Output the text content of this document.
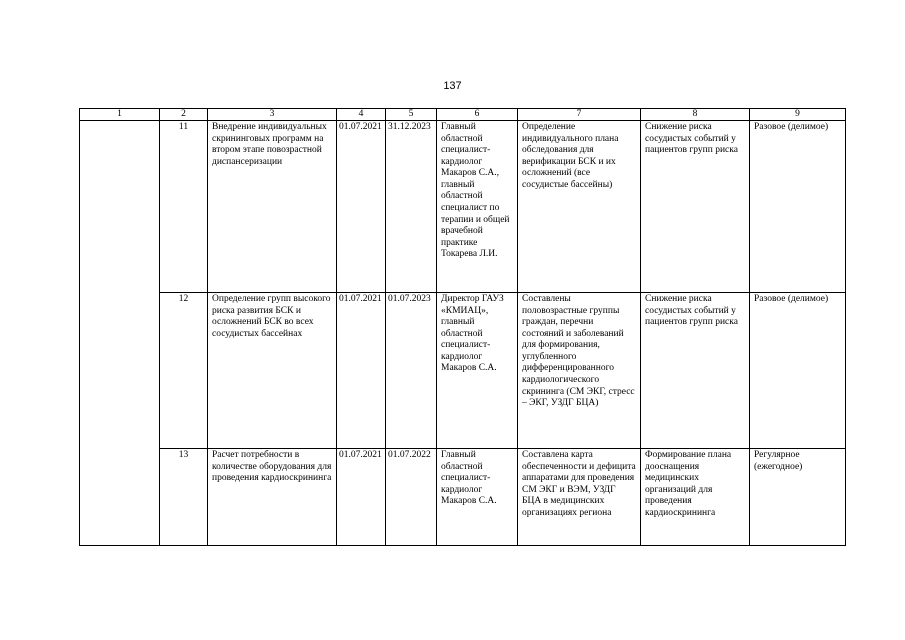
137
1	2	3	4	5	6	7	8	9
	11	Внедрение индивидуальных скрининговых программ на втором этапе повозрастной диспансеризации	01.07.2021	31.12.2023	Главный областной специалист-кардиолог Макаров С.А., главный областной специалист по терапии и общей врачебной практике Токарева Л.И.	Определение индивидуального плана обследования для верификации БСК и их осложнений (все сосудистые бассейны)	Снижение риска сосудистых событий у пациентов групп риска	Разовое (делимое)
	12	Определение групп высокого риска развития БСК и осложнений БСК во всех сосудистых бассейнах	01.07.2021	01.07.2023	Директор ГАУЗ «КМИАЦ», главный областной специалист-кардиолог Макаров С.А.	Составлены половозрастные группы граждан, перечни состояний и заболеваний для формирования, углубленного дифференцированного кардиологического скрининга (СМ ЭКГ, стресс – ЭКГ, УЗДГ БЦА)	Снижение риска сосудистых событий у пациентов групп риска	Разовое (делимое)
	13	Расчет потребности в количестве оборудования для проведения кардиоскрининга	01.07.2021	01.07.2022	Главный областной специалист-кардиолог Макаров С.А.	Составлена карта обеспеченности и дефицита аппаратами для проведения СМ ЭКГ и ВЭМ, УЗДГ БЦА в медицинских организациях региона	Формирование плана дооснащения медицинских организаций для проведения кардиоскрининга	Регулярное (ежегодное)
